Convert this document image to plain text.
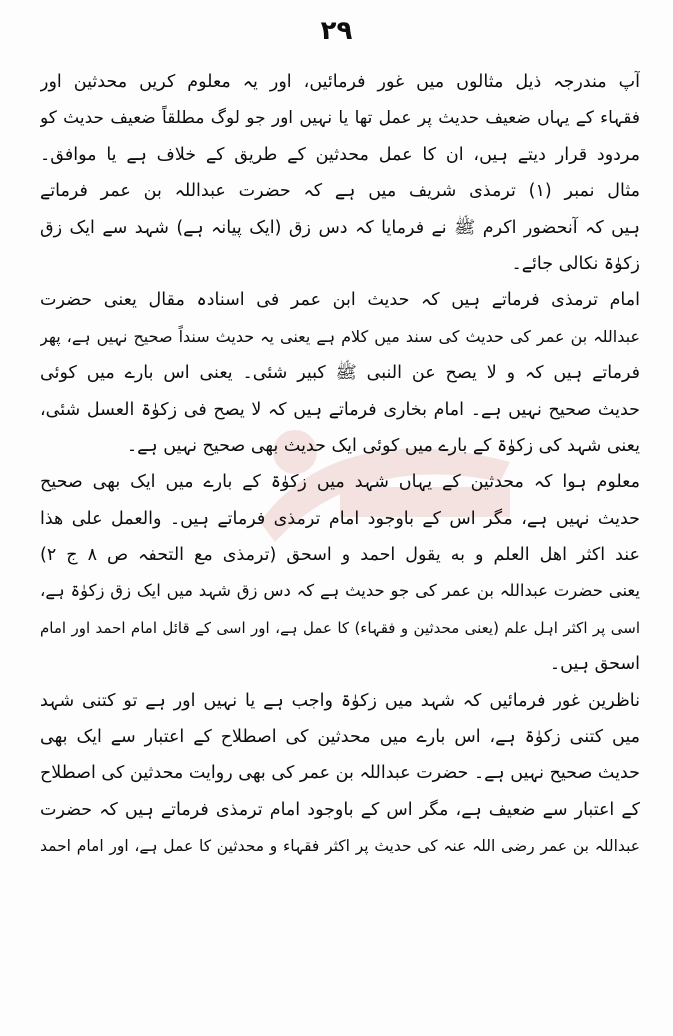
۲۹
آپ مندرجہ ذیل مثالوں میں غور فرمائیں، اور یہ معلوم کریں محدثین اور
فقہاء کے یہاں ضعیف حدیث پر عمل تھا یا نہیں اور جو لوگ مطلقاً ضعیف حدیث کو
مردود قرار دیتے ہیں، ان کا عمل محدثین کے طریق کے خلاف ہے یا موافق۔
مثال نمبر (۱) ترمذی شریف میں ہے کہ حضرت عبداللہ بن عمر فرماتے
ہیں کہ آنحضور اکرم ﷺ نے فرمایا کہ دس زق (ایک پیانہ ہے) شہد سے ایک زق
زکوٰۃ نکالی جائے۔
امام ترمذی فرماتے ہیں کہ حدیث ابن عمر فی اسنادہ مقال یعنی حضرت
عبداللہ بن عمر کی حدیث کی سند میں کلام ہے یعنی یہ حدیث سنداً صحیح نہیں ہے، پھر
فرماتے ہیں کہ و لا یصح عن النبی ﷺ کبیر شئی۔ یعنی اس بارے میں کوئی
حدیث صحیح نہیں ہے۔ امام بخاری فرماتے ہیں کہ لا یصح فی زکوٰۃ العسل شئی،
یعنی شہد کی زکوٰۃ کے بارے میں کوئی ایک حدیث بھی صحیح نہیں ہے۔
معلوم ہوا کہ محدثین کے یہاں شہد میں زکوٰۃ کے بارے میں ایک بھی صحیح
حدیث نہیں ہے، مگر اس کے باوجود امام ترمذی فرماتے ہیں۔ والعمل علی هذا
عند اکثر اهل العلم و به یقول احمد و اسحق (ترمذی مع التحفہ ص ۸ ج ۲)
یعنی حضرت عبداللہ بن عمر کی جو حدیث ہے کہ دس زق شہد میں ایک زق زکوٰۃ ہے،
اسی پر اکثر اہل علم (یعنی محدثین و فقہاء) کا عمل ہے، اور اسی کے قائل امام احمد اور امام
اسحق ہیں۔
ناظرین غور فرمائیں کہ شہد میں زکوٰۃ واجب ہے یا نہیں اور ہے تو کتنی شہد
میں کتنی زکوٰۃ ہے، اس بارے میں محدثین کی اصطلاح کے اعتبار سے ایک بھی
حدیث صحیح نہیں ہے۔ حضرت عبداللہ بن عمر کی بھی روایت محدثین کی اصطلاح
کے اعتبار سے ضعیف ہے، مگر اس کے باوجود امام ترمذی فرماتے ہیں کہ حضرت
عبداللہ بن عمر رضی اللہ عنہ کی حدیث پر اکثر فقہاء و محدثین کا عمل ہے، اور امام احمد
